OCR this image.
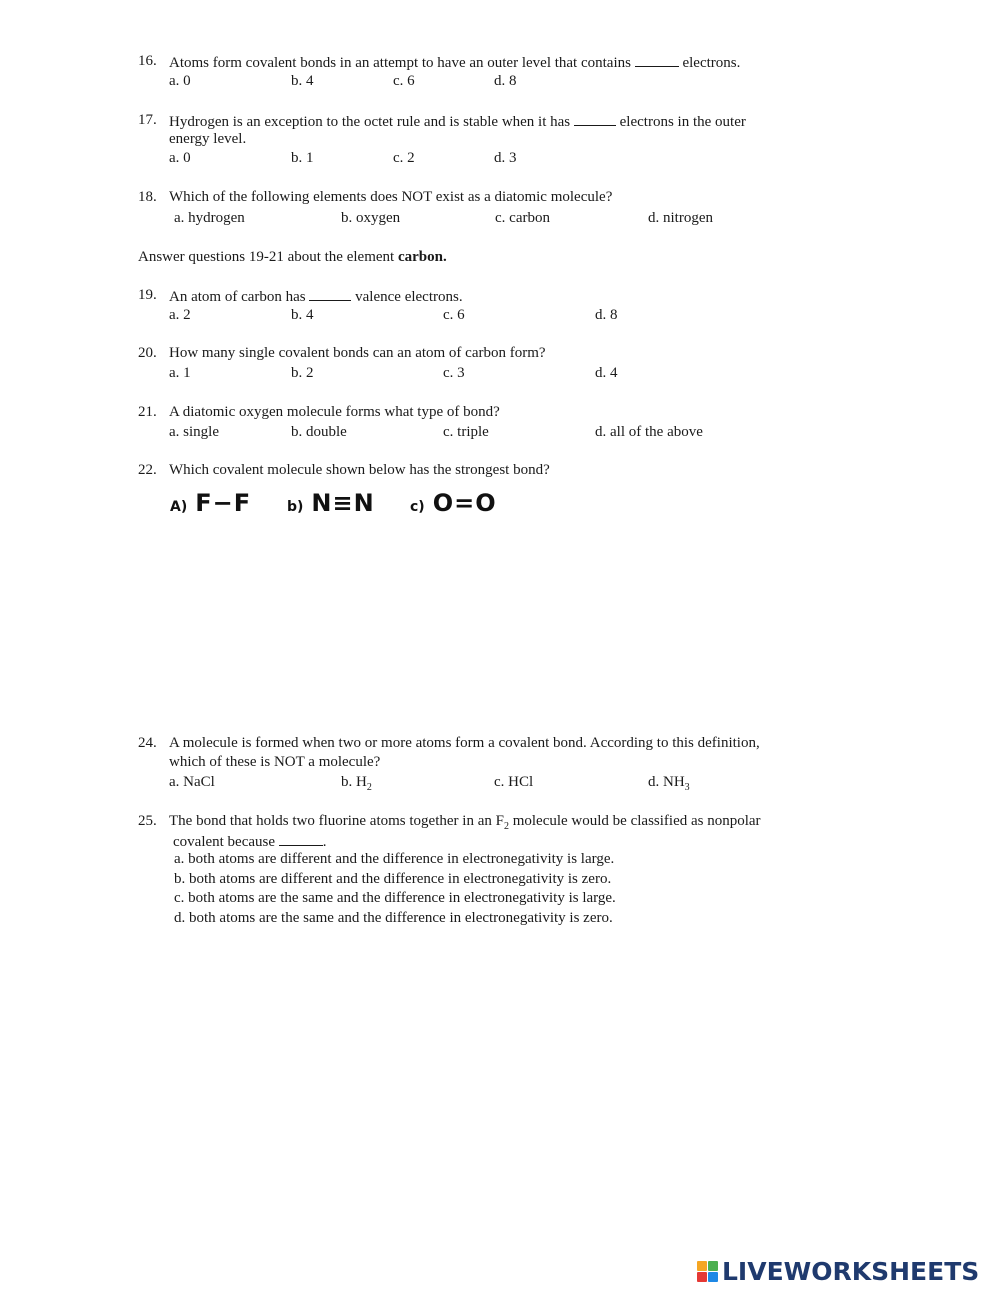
16. Atoms form covalent bonds in an attempt to have an outer level that contains	electrons.
a. 0	b. 4	c. 6	d. 8
17. Hydrogen is an exception to the octet rule and is stable when it has	electrons in the outer
energy level.
a. 0	b. 1	c. 2	d. 3
18. Which of the following elements does NOT exist as a diatomic molecule?
a. hydrogen	b. oxygen	c. carbon	d. nitrogen
Answer questions 19-21 about the element carbon.
19. An atom of carbon has	valence electrons.
a. 2	b. 4	c. 6	d. 8
20. How many single covalent bonds can an atom of carbon form?
a. 1	b. 2	c. 3	d. 4
21. A diatomic oxygen molecule forms what type of bond?
a. single	b. double	c. triple	d. all of the above
22. Which covalent molecule shown below has the strongest bond?
A) F−F	b) N≡N	c) O=O
24. A molecule is formed when two or more atoms form a covalent bond. According to this definition,
which of these is NOT a molecule?
a. NaCl	b. $H_2$	c. HCl	d. $NH_3$
25. The bond that holds two fluorine atoms together in an $F_2$ molecule would be classified as nonpolar
covalent because	.
a. both atoms are different and the difference in electronegativity is large.
b. both atoms are different and the difference in electronegativity is zero.
c. both atoms are the same and the difference in electronegativity is large.
d. both atoms are the same and the difference in electronegativity is zero.
LIVEWORKSHEETS
